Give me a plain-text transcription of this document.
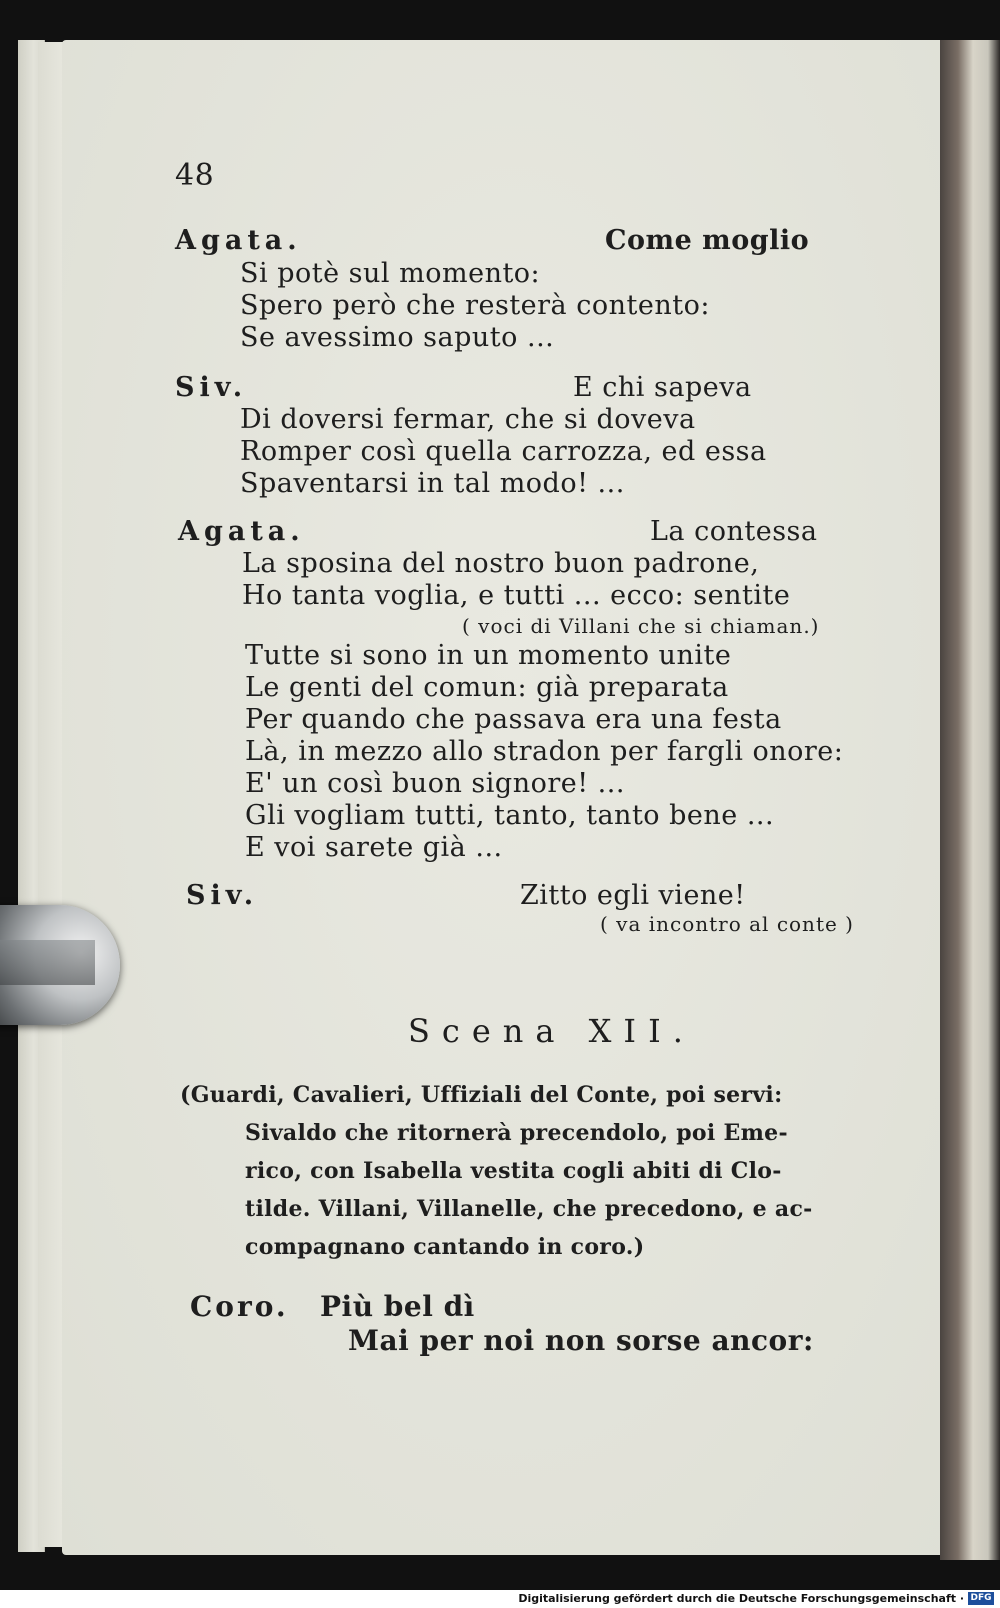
48
Agata.	Come moglio
Si potè sul momento:
Spero però che resterà contento:
Se avessimo saputo ...
Siv.	E chi sapeva
Di doversi fermar, che si doveva
Romper così quella carrozza, ed essa
Spaventarsi in tal modo! ...
Agata.	La contessa
La sposina del nostro buon padrone,
Ho tanta voglia, e tutti ... ecco: sentite
( voci di Villani che si chiaman.)
Tutte si sono in un momento unite
Le genti del comun: già preparata
Per quando che passava era una festa
Là, in mezzo allo stradon per fargli onore:
E' un così buon signore! ...
Gli vogliam tutti, tanto, tanto bene ...
E voi sarete già ...
Siv.	Zitto egli viene!
( va incontro al conte )
Scena XII.
(Guardi, Cavalieri, Uffiziali del Conte, poi servi:
Sivaldo che ritornerà precendolo, poi Eme-
rico, con Isabella vestita cogli abiti di Clo-
tilde. Villani, Villanelle, che precedono, e ac-
compagnano cantando in coro.)
Coro. Più bel dì
Mai per noi non sorse ancor:
Digitalisierung gefördert durch die Deutsche Forschungsgemeinschaft · DFG
